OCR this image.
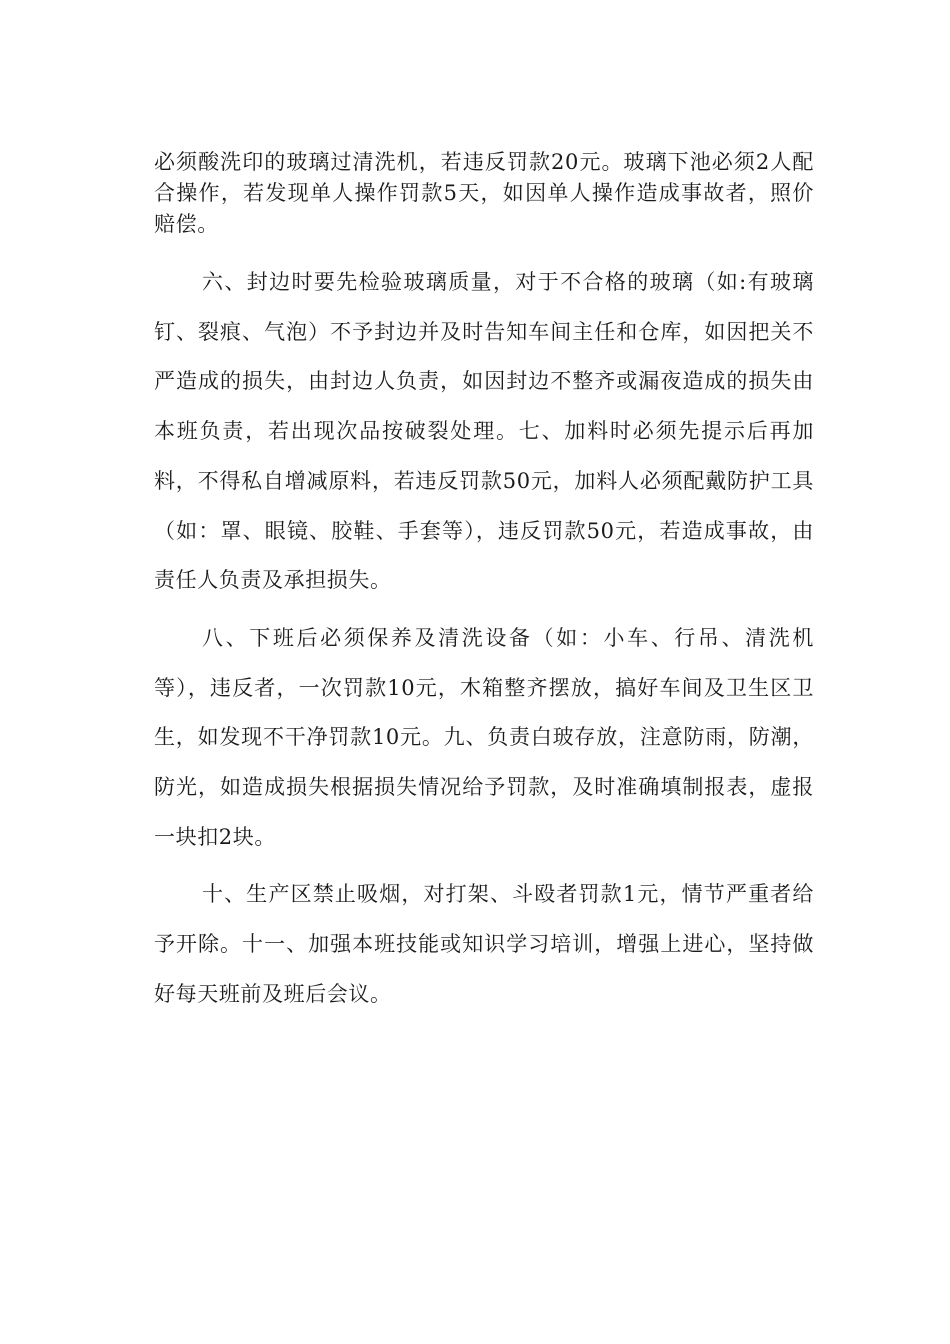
必须酸洗印的玻璃过清洗机，若违反罚款20元。玻璃下池必须2人配合操作，若发现单人操作罚款5天，如因单人操作造成事故者，照价赔偿。

六、封边时要先检验玻璃质量，对于不合格的玻璃（如:有玻璃钉、裂痕、气泡）不予封边并及时告知车间主任和仓库，如因把关不严造成的损失，由封边人负责，如因封边不整齐或漏夜造成的损失由本班负责，若出现次品按破裂处理。七、加料时必须先提示后再加料，不得私自增减原料，若违反罚款50元，加料人必须配戴防护工具（如：罩、眼镜、胶鞋、手套等），违反罚款50元，若造成事故，由责任人负责及承担损失。

八、下班后必须保养及清洗设备（如：小车、行吊、清洗机等），违反者，一次罚款10元，木箱整齐摆放，搞好车间及卫生区卫生，如发现不干净罚款10元。九、负责白玻存放，注意防雨，防潮，防光，如造成损失根据损失情况给予罚款，及时准确填制报表，虚报一块扣2块。

十、生产区禁止吸烟，对打架、斗殴者罚款1元，情节严重者给予开除。十一、加强本班技能或知识学习培训，增强上进心，坚持做好每天班前及班后会议。
